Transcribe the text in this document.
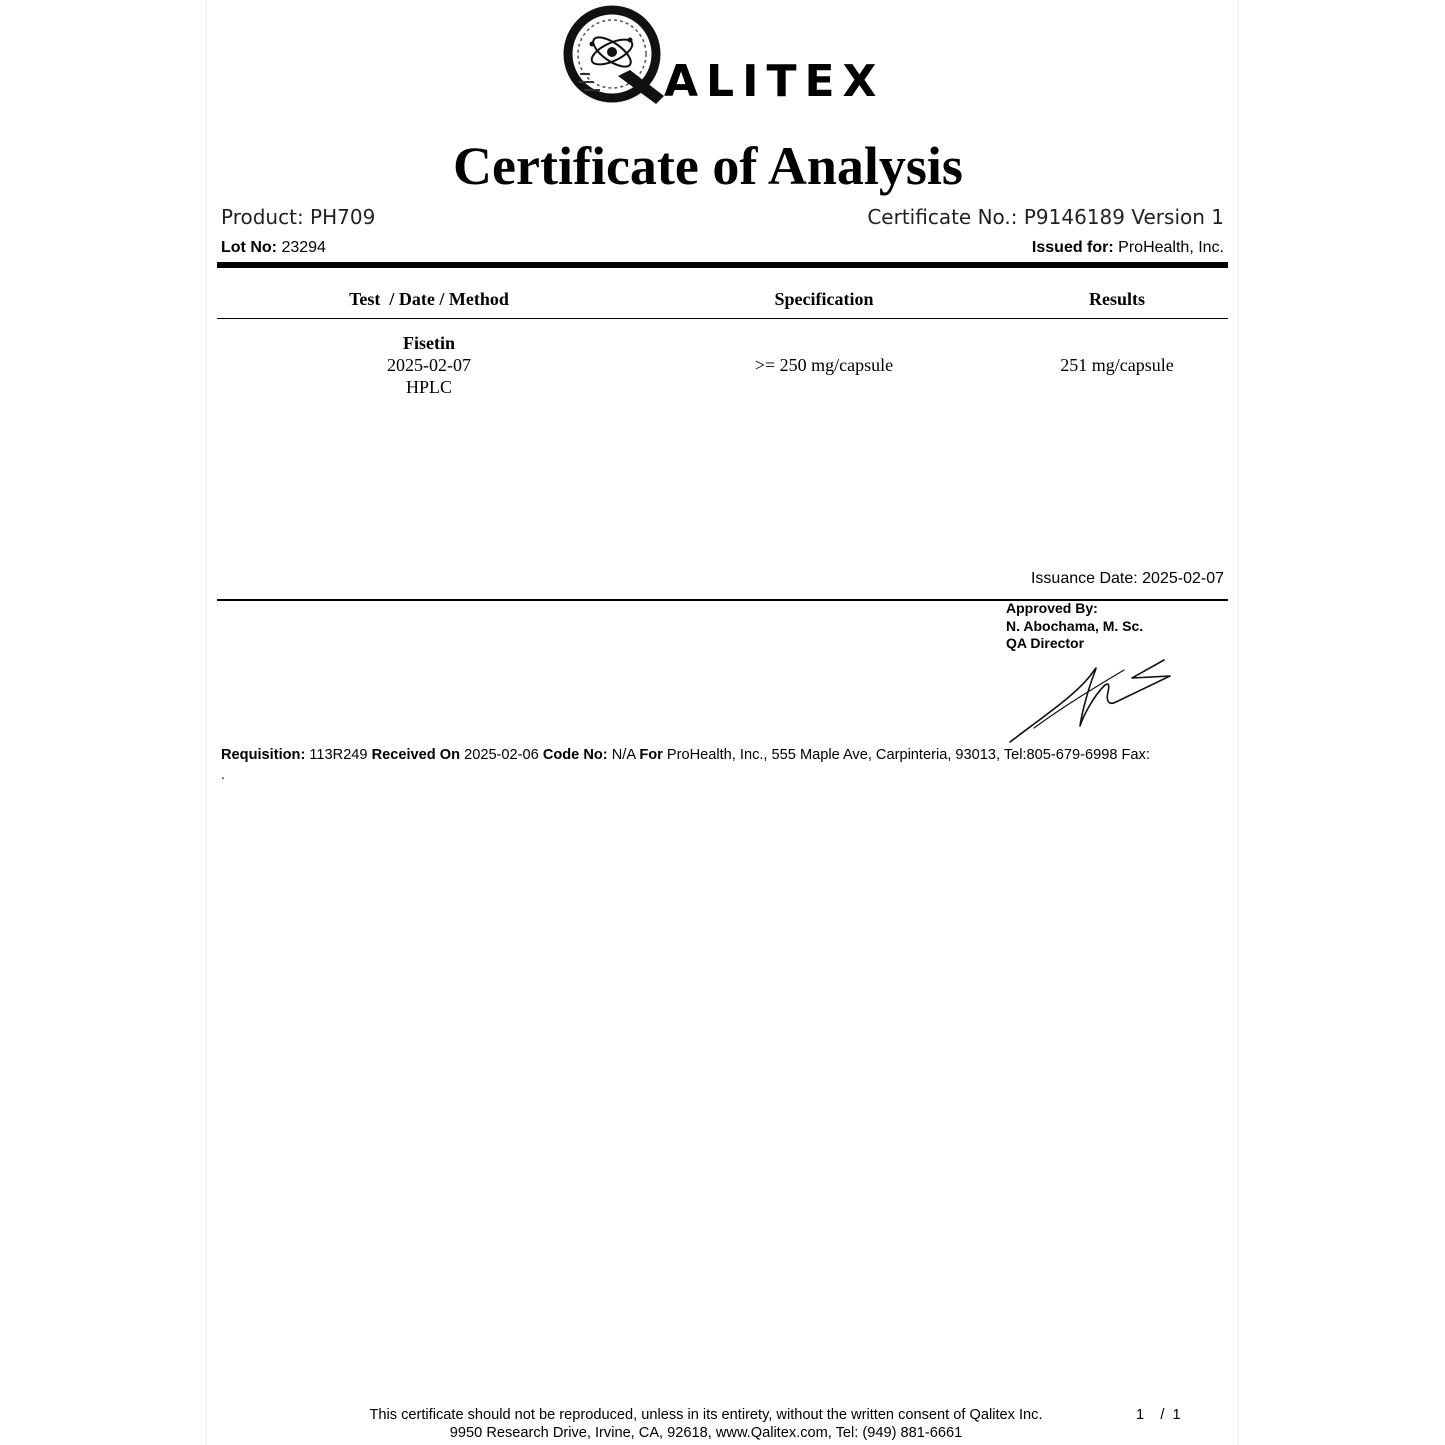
ALITEX
Certificate of Analysis
Product: PH709	Certificate No.: P9146189 Version 1
Lot No: 23294	Issued for: ProHealth, Inc.
Test  / Date / Method	Specification	Results
Fisetin
2025-02-07
HPLC
>= 250 mg/capsule	251 mg/capsule
Issuance Date: 2025-02-07
Approved By:
N. Abochama, M. Sc.
QA Director
Requisition: 113R249 Received On 2025-02-06 Code No: N/A For ProHealth, Inc., 555 Maple Ave, Carpinteria, 93013, Tel:805-679-6998 Fax:
.
This certificate should not be reproduced, unless in its entirety, without the written consent of Qalitex Inc.
9950 Research Drive, Irvine, CA, 92618, www.Qalitex.com, Tel: (949) 881-6661
1    /  1
